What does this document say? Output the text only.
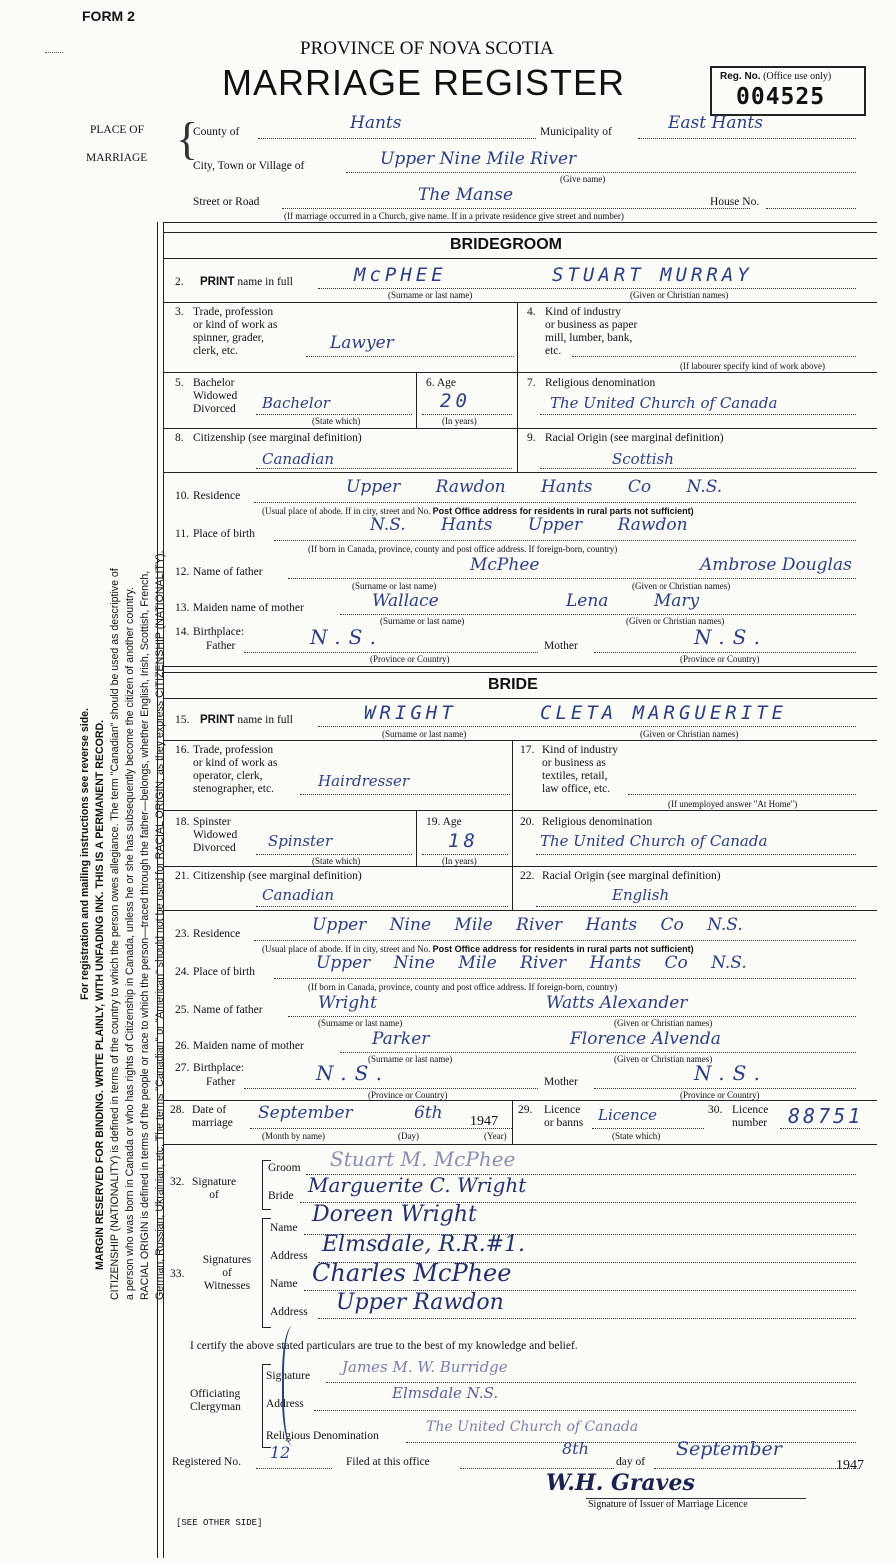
FORM 2
PROVINCE OF NOVA SCOTIA
MARRIAGE REGISTER	Reg. No. (Office use only)
004525
PLACE OF
MARRIAGE {
County of	Hants	Municipality of	East Hants
City, Town or Village of	Upper Nine Mile River
(Give name)
Street or Road	The Manse	House No.
(If marriage occurred in a Church, give name. If in a private residence give street and number)
For registration and mailing instructions see reverse side. MARGIN RESERVED FOR BINDING. WRITE PLAINLY, WITH UNFADING INK. THIS IS A PERMANENT RECORD. CITIZENSHIP (NATIONALITY) is defined in terms of the country to which the person owes allegiance. The term "Canadian" should be used as descriptive of a person who was born in Canada or who has rights of Citizenship in Canada, unless he or she has subsequently become the citizen of another country. RACIAL ORIGIN is defined in terms of the people or race to which the person—traced through the father—belongs, whether English, Irish, Scottish, French, German, Russian, Ukrainian, etc. The terms "Canadian" or "American" should not be used for RACIAL ORIGIN, as they express CITIZENSHIP (NATIONALITY).
BRIDEGROOM
2. PRINT name in full	McPHEE	STUART MURRAY
(Surname or last name)	(Given or Christian names)
3. Trade, profession
or kind of work as
spinner, grader,
clerk, etc.	Lawyer
4. Kind of industry
or business as paper
mill, lumber, bank,
etc.
(If labourer specify kind of work above)
5. Bachelor
Widowed
Divorced Bachelor
(State which)
6. Age
20
(In years)
7. Religious denomination
The United Church of Canada
8. Citizenship (see marginal definition)
Canadian
9. Racial Origin (see marginal definition)
Scottish
10. Residence	Upper Rawdon Hants Co N.S.
(Usual place of abode. If in city, street and No. Post Office address for residents in rural parts not sufficient)
11. Place of birth	N.S. Hants Upper Rawdon
(If born in Canada, province, county and post office address. If foreign-born, country)
12. Name of father	McPhee	Ambrose Douglas
(Surname or last name)	(Given or Christian names)
13. Maiden name of mother	Wallace	Lena Mary
(Surname or last name)	(Given or Christian names)
14. Birthplace:
Father	N.S.	Mother	N.S.
(Province or Country)	(Province or Country)
BRIDE
15. PRINT name in full	WRIGHT	CLETA MARGUERITE
(Surname or last name)	(Given or Christian names)
16. Trade, profession
or kind of work as
operator, clerk,
stenographer, etc.	Hairdresser
17. Kind of industry
or business as
textiles, retail,
law office, etc.
(If unemployed answer "At Home")
18. Spinster
Widowed
Divorced Spinster
(State which)
19. Age
18
(In years)
20. Religious denomination
The United Church of Canada
21. Citizenship (see marginal definition)
Canadian
22. Racial Origin (see marginal definition)
English
23. Residence	Upper Nine Mile River Hants Co N.S.
(Usual place of abode. If in city, street and No. Post Office address for residents in rural parts not sufficient)
24. Place of birth	Upper Nine Mile River Hants Co N.S.
(If born in Canada, province, county and post office address. If foreign-born, country)
25. Name of father	Wright	Watts Alexander
(Surname or last name)	(Given or Christian names)
26. Maiden name of mother	Parker	Florence Alvenda
(Surname or last name)	(Given or Christian names)
27. Birthplace:
Father	N.S.	Mother	N.S.
(Province or Country)	(Province or Country)
28. Date of
marriage September	6th 1947
(Month by name)	(Day)	(Year)
29. Licence
or banns Licence
(State which)
30. Licence
number 88751
32. Signature
of
Groom Stuart M. McPhee
Bride Marguerite C. Wright
33.
Signatures
of
Witnesses
Name
Doreen Wright
Address Elmsdale, R.R.#1.
Name Charles McPhee
Address Upper Rawdon
I certify the above stated particulars are true to the best of my knowledge and belief.
Officiating
Clergyman
Signature James M. W. Burridge
Address
Elmsdale N.S.
Religious Denomination
The United Church of Canada
Registered No. 12	Filed at this office
8th
day of
September
1947
W.H. Graves
Signature of Issuer of Marriage Licence
[SEE OTHER SIDE]
